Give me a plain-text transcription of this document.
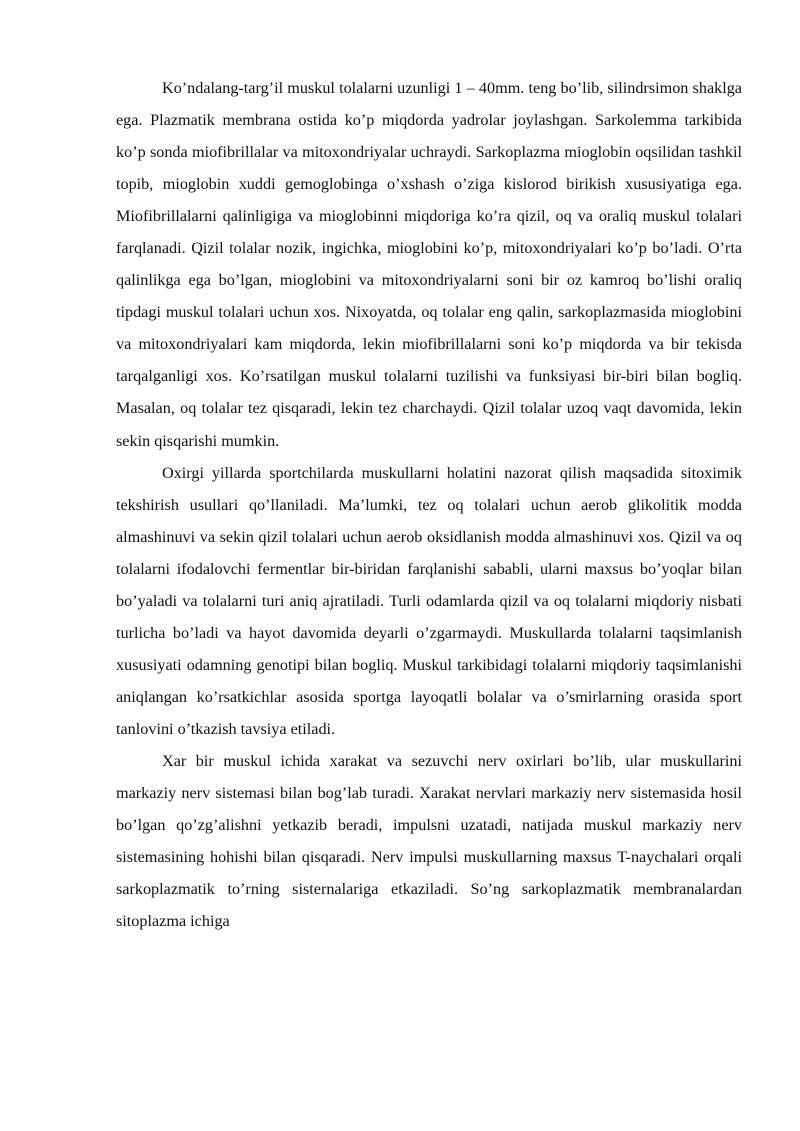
Ko’ndalang-targ’il muskul tolalarni uzunligi 1 – 40mm. teng bo’lib, silindrsimon shaklga ega. Plazmatik membrana ostida ko’p miqdorda yadrolar joylashgan. Sarkolemma tarkibida ko’p sonda miofibrillalar va mitoxondriyalar uchraydi. Sarkoplazma mioglobin oqsilidan tashkil topib, mioglobin xuddi gemoglobinga o’xshash o’ziga kislorod birikish xususiyatiga ega. Miofibrillalarni qalinligiga va mioglobinni miqdoriga ko’ra qizil, oq va oraliq muskul tolalari farqlanadi. Qizil tolalar nozik, ingichka, mioglobini ko’p, mitoxondriyalari ko’p bo’ladi. O’rta qalinlikga ega bo’lgan, mioglobini va mitoxondriyalarni soni bir oz kamroq bo’lishi oraliq tipdagi muskul tolalari uchun xos. Nixoyatda, oq tolalar eng qalin, sarkoplazmasida mioglobini va mitoxondriyalari kam miqdorda, lekin miofibrillalarni soni ko’p miqdorda va bir tekisda tarqalganligi xos. Ko’rsatilgan muskul tolalarni tuzilishi va funksiyasi bir-biri bilan bogliq. Masalan, oq tolalar tez qisqaradi, lekin tez charchaydi. Qizil tolalar uzoq vaqt davomida, lekin sekin qisqarishi mumkin.

Oxirgi yillarda sportchilarda muskullarni holatini nazorat qilish maqsadida sitoximik tekshirish usullari qo’llaniladi. Ma’lumki, tez oq tolalari uchun aerob glikolitik modda almashinuvi va sekin qizil tolalari uchun aerob oksidlanish modda almashinuvi xos. Qizil va oq tolalarni ifodalovchi fermentlar bir-biridan farqlanishi sababli, ularni maxsus bo’yoqlar bilan bo’yaladi va tolalarni turi aniq ajratiladi. Turli odamlarda qizil va oq tolalarni miqdoriy nisbati turlicha bo’ladi va hayot davomida deyarli o’zgarmaydi. Muskullarda tolalarni taqsimlanish xususiyati odamning genotipi bilan bogliq. Muskul tarkibidagi tolalarni miqdoriy taqsimlanishi aniqlangan ko’rsatkichlar asosida sportga layoqatli bolalar va o’smirlarning orasida sport tanlovini o’tkazish tavsiya etiladi.

Xar bir muskul ichida xarakat va sezuvchi nerv oxirlari bo’lib, ular muskullarini markaziy nerv sistemasi bilan bog’lab turadi. Xarakat nervlari markaziy nerv sistemasida hosil bo’lgan qo’zg’alishni yetkazib beradi, impulsni uzatadi, natijada muskul markaziy nerv sistemasining hohishi bilan qisqaradi. Nerv impulsi muskullarning maxsus T-naychalari orqali sarkoplazmatik to’rning sisternalariga etkaziladi. So’ng sarkoplazmatik membranalardan sitoplazma ichiga
